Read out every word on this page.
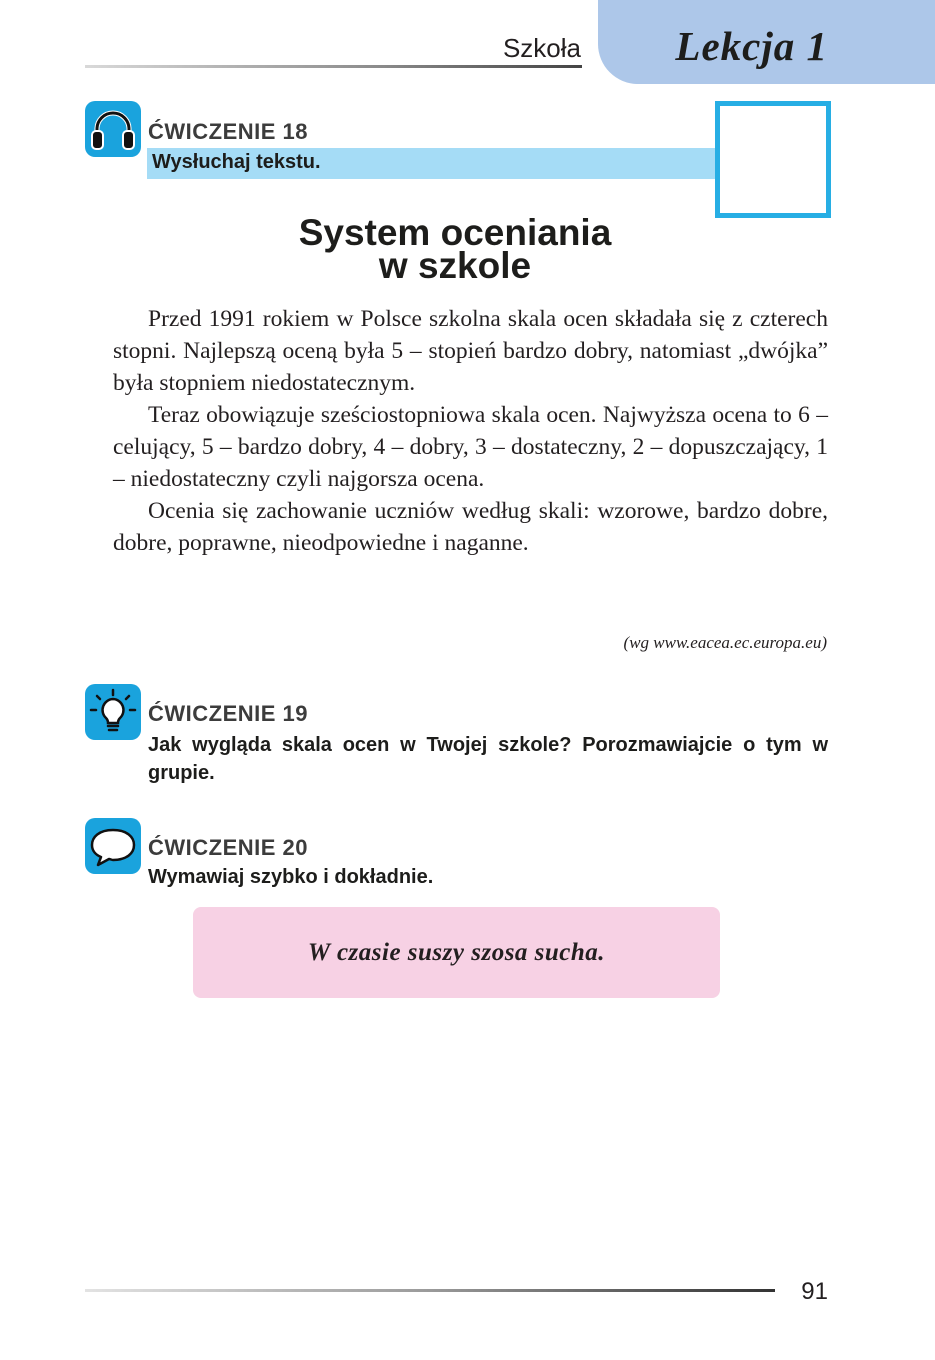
Szkoła	Lekcja 1
ĆWICZENIE 18
Wysłuchaj tekstu.
System oceniania
w szkole

Przed 1991 rokiem w Polsce szkolna skala ocen składała się z czterech stopni. Najlepszą oceną była 5 – stopień bardzo dobry, natomiast „dwójka” była stopniem niedostatecznym.

Teraz obowiązuje sześciostopniowa skala ocen. Najwyższa ocena to 6 – celujący, 5 – bardzo dobry, 4 – dobry, 3 – dostateczny, 2 – dopuszczający, 1 – niedostateczny czyli najgorsza ocena.

Ocenia się zachowanie uczniów według skali: wzorowe, bardzo dobre, dobre, poprawne, nieodpowiedne i naganne.

(wg www.eacea.ec.europa.eu)
ĆWICZENIE 19
Jak wygląda skala ocen w Twojej szkole? Porozmawiajcie o tym w grupie.
ĆWICZENIE 20
Wymawiaj szybko i dokładnie.
W czasie suszy szosa sucha.
91
